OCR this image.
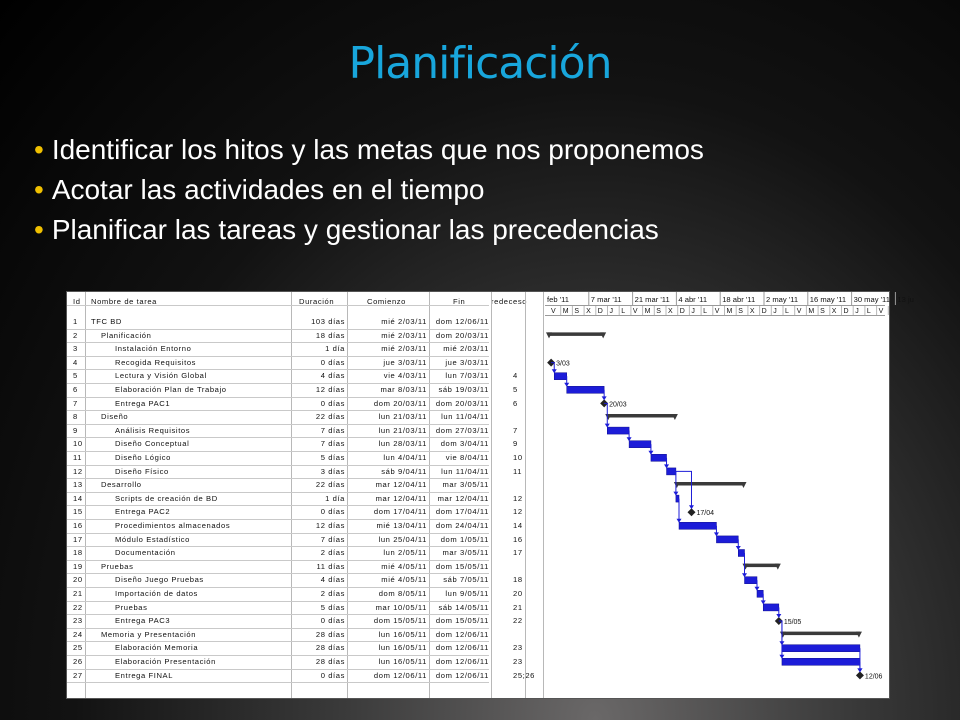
Planificación
• Identificar los hitos y las metas que nos proponemos
• Acotar las actividades en el tiempo
• Planificar las tareas y gestionar las precedencias
Id Nombre de tarea	Duración	Comienzo	Fin	redeceso
1 TFC BD	103 días	mié 2/03/11 dom 12/06/11
2	Planificación	18 días	mié 2/03/11 dom 20/03/11
3	Instalación Entorno	1 día	mié 2/03/11 mié 2/03/11
4	Recogida Requisitos	0 días	jue 3/03/11 jue 3/03/11
5	Lectura y Visión Global	4 días	vie 4/03/11 lun 7/03/11	4
6	Elaboración Plan de Trabajo	12 días	mar 8/03/11 sáb 19/03/11	5
7	Entrega PAC1	0 días	dom 20/03/11 dom 20/03/11	6
8	Diseño	22 días	lun 21/03/11 lun 11/04/11
9	Análisis Requisitos	7 días	lun 21/03/11 dom 27/03/11	7
10	Diseño Conceptual	7 días	lun 28/03/11 dom 3/04/11	9
11	Diseño Lógico	5 días	lun 4/04/11 vie 8/04/11	10
12	Diseño Físico	3 días	sáb 9/04/11 lun 11/04/11	11
13 Desarrollo	22 días	mar 12/04/11 mar 3/05/11
14	Scripts de creación de BD	1 día	mar 12/04/11 mar 12/04/11	12
15	Entrega PAC2	0 días	dom 17/04/11 dom 17/04/11	12
16	Procedimientos almacenados	12 días	mié 13/04/11 dom 24/04/11	14
17	Módulo Estadístico	7 días	lun 25/04/11 dom 1/05/11	16
18	Documentación	2 días	lun 2/05/11 mar 3/05/11	17
19 Pruebas	11 días	mié 4/05/11 dom 15/05/11
20	Diseño Juego Pruebas	4 días	mié 4/05/11 sáb 7/05/11	18
21	Importación de datos	2 días	dom 8/05/11 lun 9/05/11	20
22	Pruebas	5 días	mar 10/05/11 sáb 14/05/11	21
23	Entrega PAC3	0 días	dom 15/05/11 dom 15/05/11	22
24 Memoria y Presentación	28 días	lun 16/05/11 dom 12/06/11
25	Elaboración Memoria	28 días	lun 16/05/11 dom 12/06/11	23
26	Elaboración Presentación	28 días	lun 16/05/11 dom 12/06/11	23
27	Entrega FINAL	0 días	dom 12/06/11 dom 12/06/11	25;26
feb '11	7 mar '11 21 mar '11 4 abr '11 18 abr '11 2 may '11 16 may '11 30 may '11 13 ju
V M S X D J L V M S X D J L V M S X D J L V M S X D J L V
3/03
20/03
17/04
15/05
12/06
